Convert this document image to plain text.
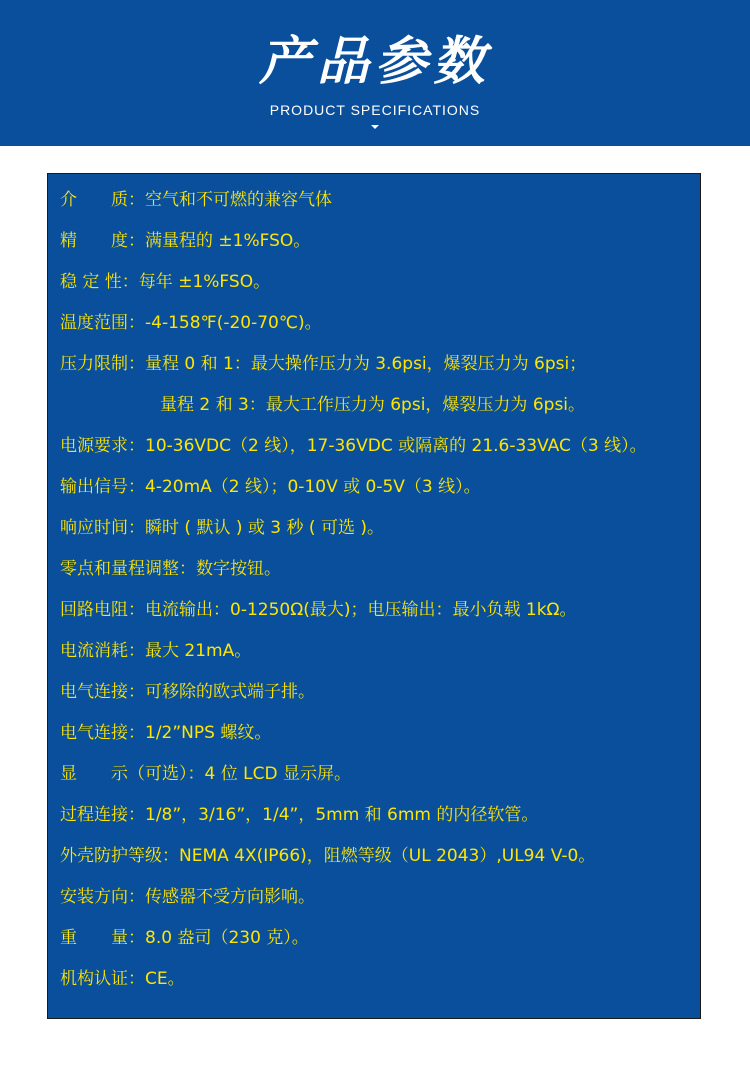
产品参数
PRODUCT SPECIFICATIONS
介　　质：空气和不可燃的兼容气体
精　　度：满量程的 ±1%FSO。
稳 定 性：每年 ±1%FSO。
温度范围：-4-158℉(-20-70℃)。
压力限制：量程 0 和 1：最大操作压力为 3.6psi，爆裂压力为 6psi；
量程 2 和 3：最大工作压力为 6psi，爆裂压力为 6psi。
电源要求：10-36VDC（2 线），17-36VDC 或隔离的 21.6-33VAC（3 线）。
输出信号：4-20mA（2 线）；0-10V 或 0-5V（3 线）。
响应时间：瞬时 ( 默认 ) 或 3 秒 ( 可选 )。
零点和量程调整：数字按钮。
回路电阻：电流输出：0-1250Ω(最大)；电压输出：最小负载 1kΩ。
电流消耗：最大 21mA。
电气连接：可移除的欧式端子排。
电气连接：1/2”NPS 螺纹。
显　　示（可选）：4 位 LCD 显示屏。
过程连接：1/8”，3/16”，1/4”，5mm 和 6mm 的内径软管。
外壳防护等级：NEMA 4X(IP66)，阻燃等级（UL 2043）,UL94 V-0。
安装方向：传感器不受方向影响。
重　　量：8.0 盎司（230 克）。
机构认证：CE。
